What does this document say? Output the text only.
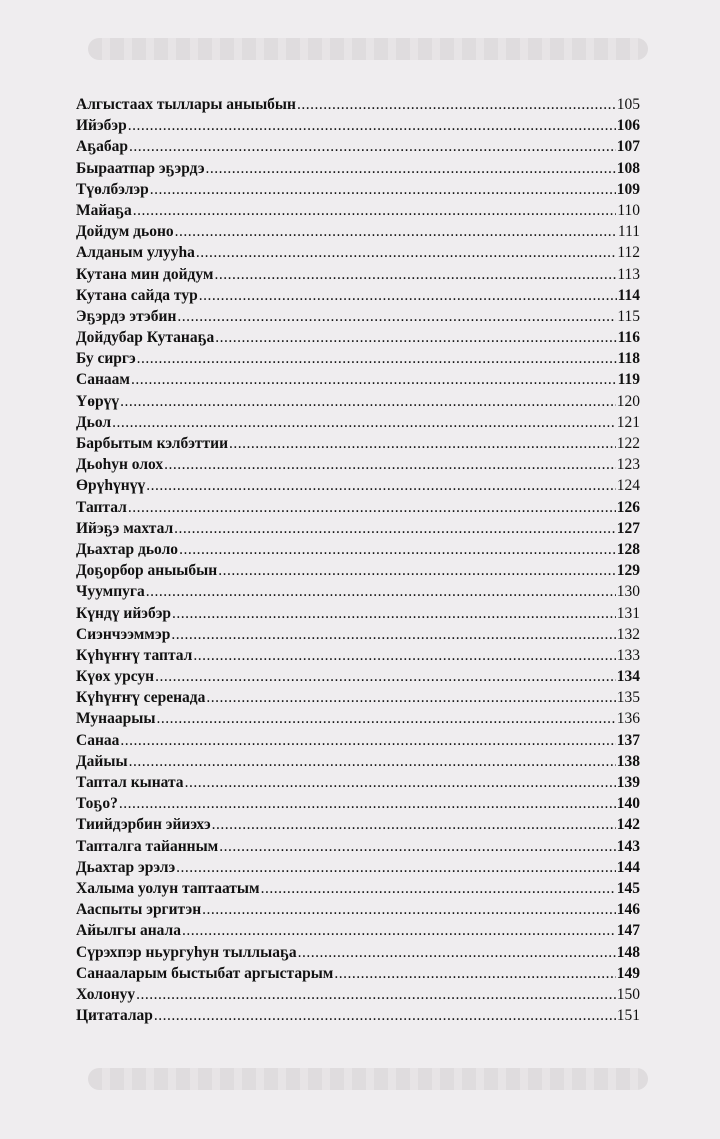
Алгыстаах тыллары аныыбын .....	105
Ийэбэр .....	106
Аҕабар .....	107
Быраатпар эҕэрдэ .....	108
Түөлбэлэр .....	109
Майаҕа .....	110
Дойдум дьоно .....	111
Алданым улууһа .....	112
Кутана мин дойдум .....	113
Кутана сайда тур .....	114
Эҕэрдэ этэбин .....	115
Дойдубар Кутанаҕа .....	116
Бу сиргэ .....	118
Санаам .....	119
Үөрүү .....	120
Дьол .....	121
Барбытым кэлбэттии .....	122
Дьоһун олох .....	123
Өрүһүнүү .....	124
Таптал .....	126
Ийэҕэ махтал .....	127
Дьахтар дьоло .....	128
Доҕорбор аныыбын .....	129
Чуумпуга .....	130
Күндү ийэбэр .....	131
Сиэнчээммэр .....	132
Күһүҥҥү таптал .....	133
Күөх урсун .....	134
Күһүҥҥү серенада .....	135
Мунаарыы .....	136
Санаа .....	137
Дайыы .....	138
Таптал кыната .....	139
Тоҕо? .....	140
Тиийдэрбин эйиэхэ .....	142
Тапталга тайанным .....	143
Дьахтар эрэлэ .....	144
Халыма уолун таптаатым .....	145
Ааспыты эргитэн .....	146
Айылгы анала .....	147
Сүрэхпэр ньургуһун тыллыаҕа .....	148
Санааларым быстыбат аргыстарым .....	149
Холонуу .....	150
Цитаталар .....	151
